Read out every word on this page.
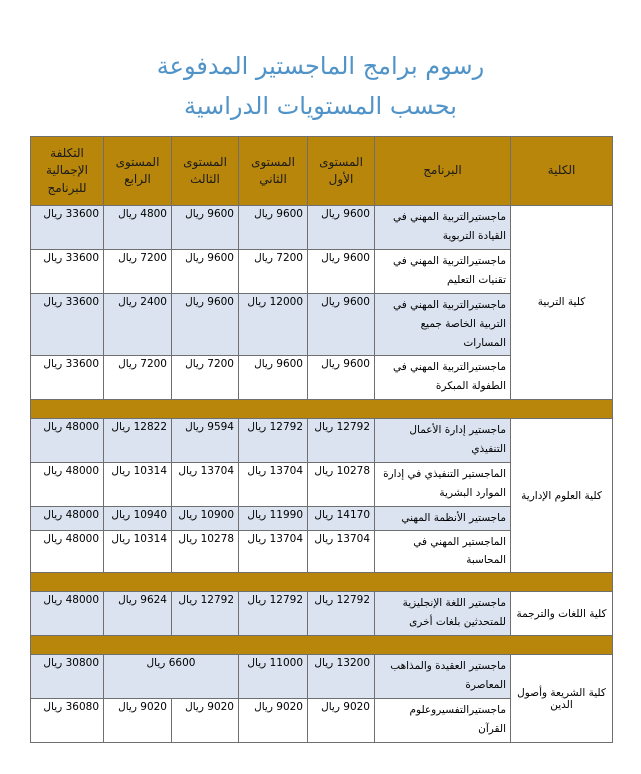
رسوم برامج الماجستير المدفوعة
بحسب المستويات الدراسية
الكلية	البرنامج	المستوى الأول	المستوى الثاني	المستوى الثالث	المستوى الرابع	التكلفة الإجمالية للبرنامج
كلية التربية	ماجستيرالتربية المهني في القيادة التربوية	9600 ريال	9600 ريال	9600 ريال	4800 ريال	33600 ريال
	ماجستيرالتربية المهني في تقنيات التعليم	9600 ريال	7200 ريال	9600 ريال	7200 ريال	33600 ريال
	ماجستيرالتربية المهني في التربية الخاصة جميع المسارات	9600 ريال	12000 ريال	9600 ريال	2400 ريال	33600 ريال
	ماجستيرالتربية المهني في الطفولة المبكرة	9600 ريال	9600 ريال	7200 ريال	7200 ريال	33600 ريال

كلية العلوم الإدارية	ماجستير إدارة الأعمال التنفيذي	12792 ريال	12792 ريال	9594 ريال	12822 ريال	48000 ريال
	الماجستير التنفيذي في إدارة الموارد البشرية	10278 ريال	13704 ريال	13704 ريال	10314 ريال	48000 ريال
	ماجستير الأنظمة المهني	14170 ريال	11990 ريال	10900 ريال	10940 ريال	48000 ريال
	الماجستير المهني في المحاسبة	13704 ريال	13704 ريال	10278 ريال	10314 ريال	48000 ريال

كلية اللغات والترجمة	ماجستير اللغة الإنجليزية للمتحدثين بلغات أخرى	12792 ريال	12792 ريال	12792 ريال	9624 ريال	48000 ريال

كلية الشريعة وأصول الدين	ماجستير العقيدة والمذاهب المعاصرة	13200 ريال	11000 ريال	6600 ريال		30800 ريال
	ماجستيرالتفسيروعلوم القرآن	9020 ريال	9020 ريال	9020 ريال	9020 ريال	36080 ريال
